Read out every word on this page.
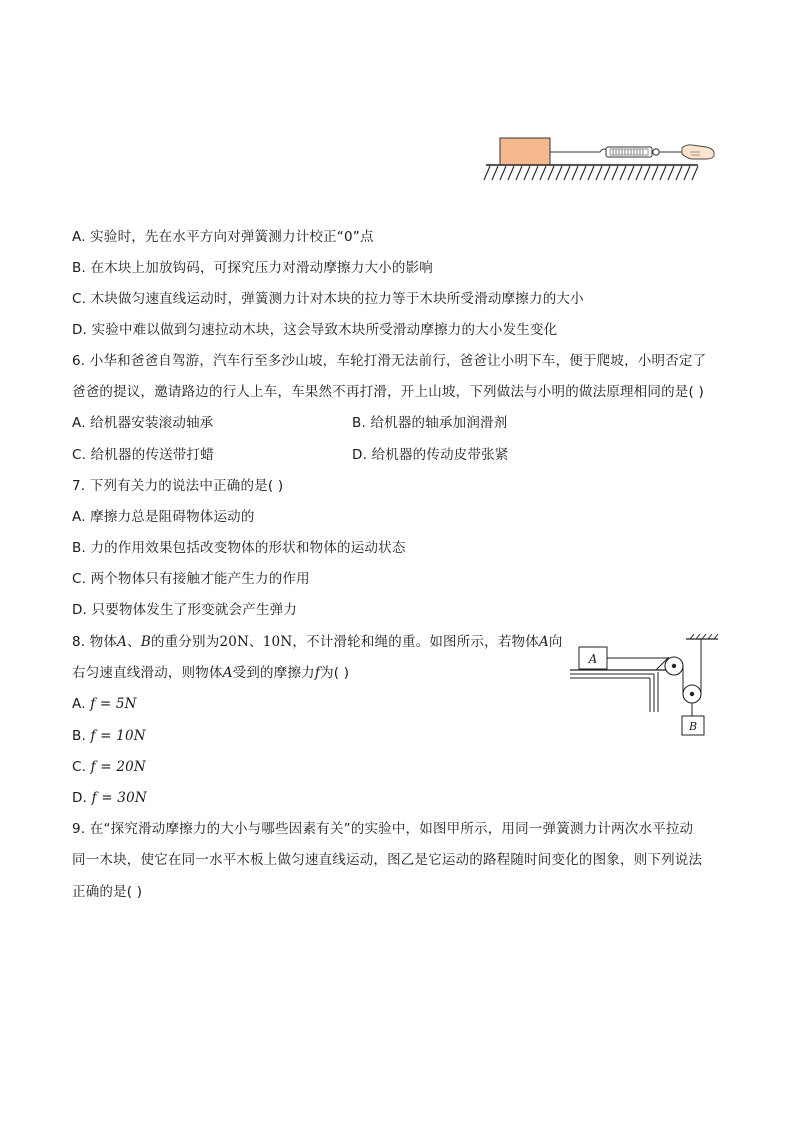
A. 实验时，先在水平方向对弹簧测力计校正“0”点
B. 在木块上加放钩码，可探究压力对滑动摩擦力大小的影响
C. 木块做匀速直线运动时，弹簧测力计对木块的拉力等于木块所受滑动摩擦力的大小
D. 实验中难以做到匀速拉动木块，这会导致木块所受滑动摩擦力的大小发生变化
6. 小华和爸爸自驾游，汽车行至多沙山坡，车轮打滑无法前行，爸爸让小明下车，便于爬坡，小明否定了
爸爸的提议，邀请路边的行人上车，车果然不再打滑，开上山坡，下列做法与小明的做法原理相同的是( )
A. 给机器安装滚动轴承	B. 给机器的轴承加润滑剂
C. 给机器的传送带打蜡	D. 给机器的传动皮带张紧
7. 下列有关力的说法中正确的是( )
A. 摩擦力总是阻碍物体运动的
B. 力的作用效果包括改变物体的形状和物体的运动状态
C. 两个物体只有接触才能产生力的作用
D. 只要物体发生了形变就会产生弹力
8. 物体A、B的重分别为20N、10N，不计滑轮和绳的重。如图所示，若物体A向
右匀速直线滑动，则物体A受到的摩擦力f为( )
A. f = 5N
B. f = 10N
C. f = 20N
D. f = 30N
A
B
9. 在“探究滑动摩擦力的大小与哪些因素有关”的实验中，如图甲所示，用同一弹簧测力计两次水平拉动
同一木块，使它在同一水平木板上做匀速直线运动，图乙是它运动的路程随时间变化的图象，则下列说法
正确的是( )
